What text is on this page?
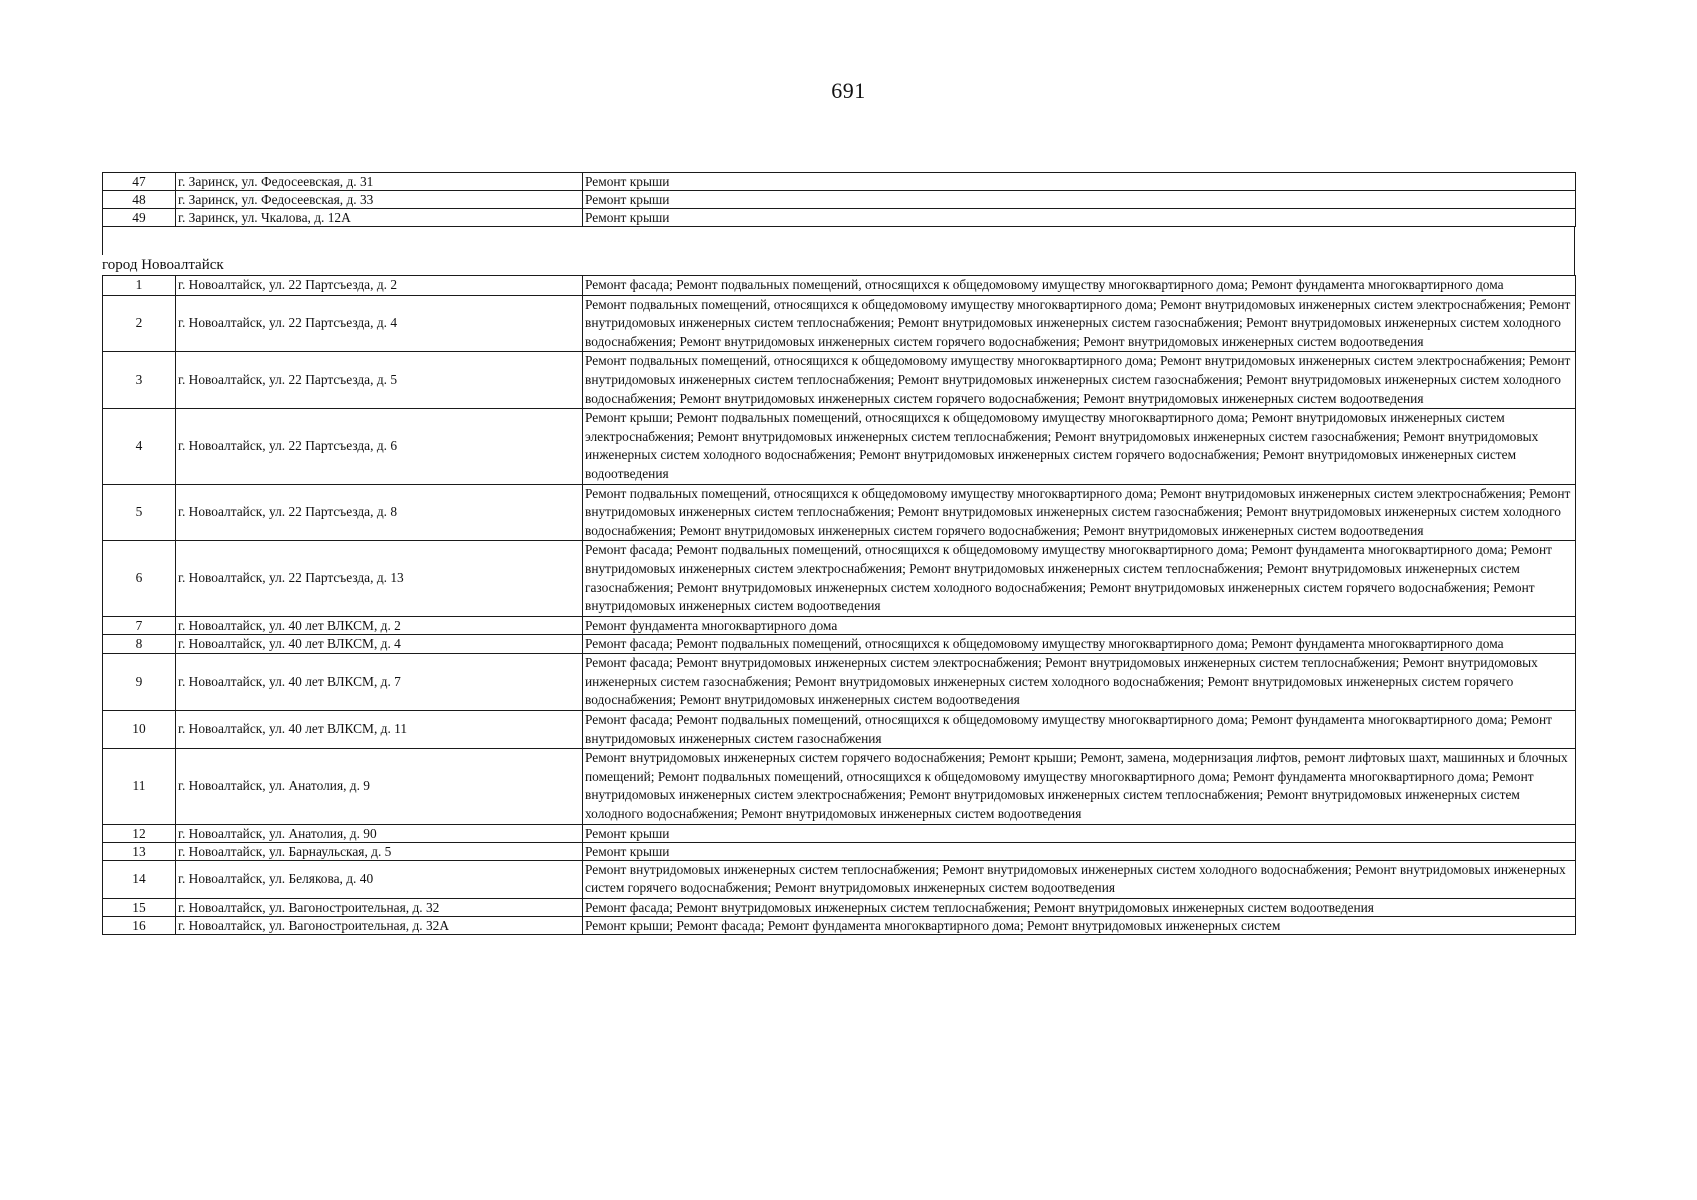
691
47	г. Заринск, ул. Федосеевская, д. 31	Ремонт крыши
48	г. Заринск, ул. Федосеевская, д. 33	Ремонт крыши
49	г. Заринск, ул. Чкалова, д. 12А	Ремонт крыши
город Новоалтайск
1	г. Новоалтайск, ул. 22 Партсъезда, д. 2	Ремонт фасада; Ремонт подвальных помещений, относящихся к общедомовому имуществу многоквартирного дома; Ремонт фундамента многоквартирного дома
2	г. Новоалтайск, ул. 22 Партсъезда, д. 4	Ремонт подвальных помещений, относящихся к общедомовому имуществу многоквартирного дома; Ремонт внутридомовых инженерных систем электроснабжения; Ремонт внутридомовых инженерных систем теплоснабжения; Ремонт внутридомовых инженерных систем газоснабжения; Ремонт внутридомовых инженерных систем холодного водоснабжения; Ремонт внутридомовых инженерных систем горячего водоснабжения; Ремонт внутридомовых инженерных систем водоотведения
3	г. Новоалтайск, ул. 22 Партсъезда, д. 5	Ремонт подвальных помещений, относящихся к общедомовому имуществу многоквартирного дома; Ремонт внутридомовых инженерных систем электроснабжения; Ремонт внутридомовых инженерных систем теплоснабжения; Ремонт внутридомовых инженерных систем газоснабжения; Ремонт внутридомовых инженерных систем холодного водоснабжения; Ремонт внутридомовых инженерных систем горячего водоснабжения; Ремонт внутридомовых инженерных систем водоотведения
4	г. Новоалтайск, ул. 22 Партсъезда, д. 6	Ремонт крыши; Ремонт подвальных помещений, относящихся к общедомовому имуществу многоквартирного дома; Ремонт внутридомовых инженерных систем электроснабжения; Ремонт внутридомовых инженерных систем теплоснабжения; Ремонт внутридомовых инженерных систем газоснабжения; Ремонт внутридомовых инженерных систем холодного водоснабжения; Ремонт внутридомовых инженерных систем горячего водоснабжения; Ремонт внутридомовых инженерных систем водоотведения
5	г. Новоалтайск, ул. 22 Партсъезда, д. 8	Ремонт подвальных помещений, относящихся к общедомовому имуществу многоквартирного дома; Ремонт внутридомовых инженерных систем электроснабжения; Ремонт внутридомовых инженерных систем теплоснабжения; Ремонт внутридомовых инженерных систем газоснабжения; Ремонт внутридомовых инженерных систем холодного водоснабжения; Ремонт внутридомовых инженерных систем горячего водоснабжения; Ремонт внутридомовых инженерных систем водоотведения
6	г. Новоалтайск, ул. 22 Партсъезда, д. 13	Ремонт фасада; Ремонт подвальных помещений, относящихся к общедомовому имуществу многоквартирного дома; Ремонт фундамента многоквартирного дома; Ремонт внутридомовых инженерных систем электроснабжения; Ремонт внутридомовых инженерных систем теплоснабжения; Ремонт внутридомовых инженерных систем газоснабжения; Ремонт внутридомовых инженерных систем холодного водоснабжения; Ремонт внутридомовых инженерных систем горячего водоснабжения; Ремонт внутридомовых инженерных систем водоотведения
7	г. Новоалтайск, ул. 40 лет ВЛКСМ, д. 2	Ремонт фундамента многоквартирного дома
8	г. Новоалтайск, ул. 40 лет ВЛКСМ, д. 4	Ремонт фасада; Ремонт подвальных помещений, относящихся к общедомовому имуществу многоквартирного дома; Ремонт фундамента многоквартирного дома
9	г. Новоалтайск, ул. 40 лет ВЛКСМ, д. 7	Ремонт фасада; Ремонт внутридомовых инженерных систем электроснабжения; Ремонт внутридомовых инженерных систем теплоснабжения; Ремонт внутридомовых инженерных систем газоснабжения; Ремонт внутридомовых инженерных систем холодного водоснабжения; Ремонт внутридомовых инженерных систем горячего водоснабжения; Ремонт внутридомовых инженерных систем водоотведения
10	г. Новоалтайск, ул. 40 лет ВЛКСМ, д. 11	Ремонт фасада; Ремонт подвальных помещений, относящихся к общедомовому имуществу многоквартирного дома; Ремонт фундамента многоквартирного дома; Ремонт внутридомовых инженерных систем газоснабжения
11	г. Новоалтайск, ул. Анатолия, д. 9	Ремонт внутридомовых инженерных систем горячего водоснабжения; Ремонт крыши; Ремонт, замена, модернизация лифтов, ремонт лифтовых шахт, машинных и блочных помещений; Ремонт подвальных помещений, относящихся к общедомовому имуществу многоквартирного дома; Ремонт фундамента многоквартирного дома; Ремонт внутридомовых инженерных систем электроснабжения; Ремонт внутридомовых инженерных систем теплоснабжения; Ремонт внутридомовых инженерных систем холодного водоснабжения; Ремонт внутридомовых инженерных систем водоотведения
12	г. Новоалтайск, ул. Анатолия, д. 90	Ремонт крыши
13	г. Новоалтайск, ул. Барнаульская, д. 5	Ремонт крыши
14	г. Новоалтайск, ул. Белякова, д. 40	Ремонт внутридомовых инженерных систем теплоснабжения; Ремонт внутридомовых инженерных систем холодного водоснабжения; Ремонт внутридомовых инженерных систем горячего водоснабжения; Ремонт внутридомовых инженерных систем водоотведения
15	г. Новоалтайск, ул. Вагоностроительная, д. 32	Ремонт фасада; Ремонт внутридомовых инженерных систем теплоснабжения; Ремонт внутридомовых инженерных систем водоотведения
16	г. Новоалтайск, ул. Вагоностроительная, д. 32А	Ремонт крыши; Ремонт фасада; Ремонт фундамента многоквартирного дома; Ремонт внутридомовых инженерных систем
